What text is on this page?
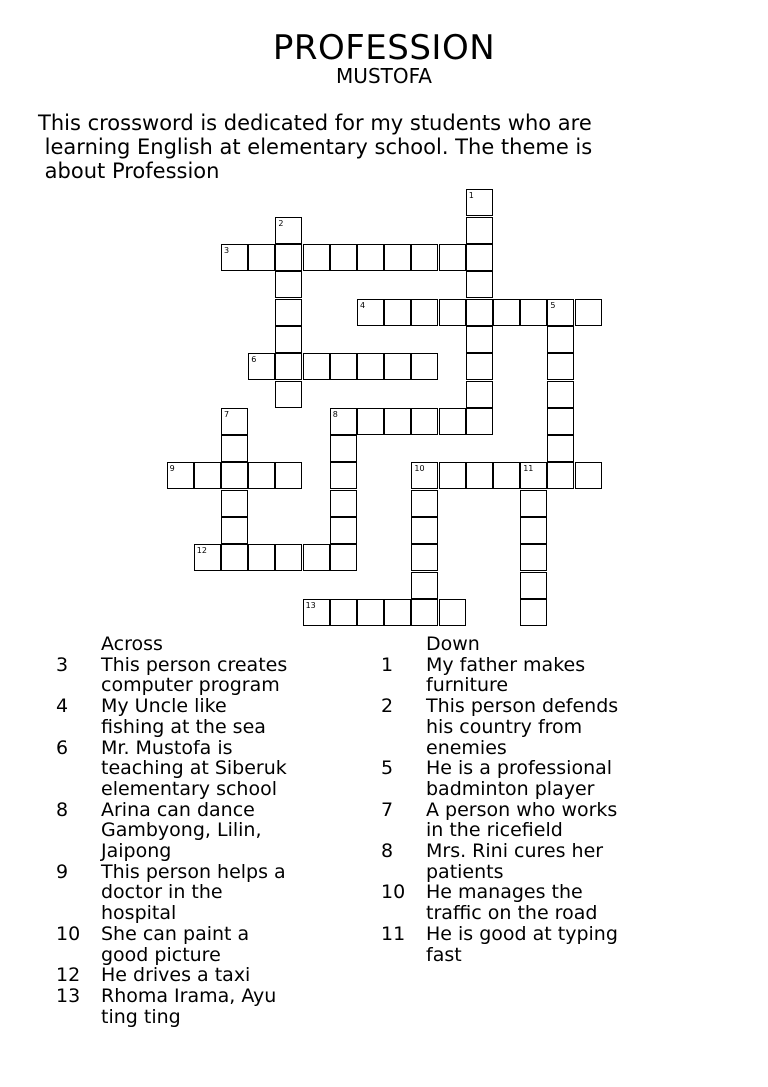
PROFESSION
MUSTOFA

This crossword is dedicated for my students who are
learning English at elementary school. The theme is
about Profession

1
2
3
4	5
6
7	8
9	10	11
12
13
Across
3	This person creates
computer program
4	My Uncle like
fishing at the sea
6	Mr. Mustofa is
teaching at Siberuk
elementary school
8	Arina can dance
Gambyong, Lilin,
Jaipong
9	This person helps a
doctor in the
hospital
10	She can paint a
good picture
12	He drives a taxi
13	Rhoma Irama, Ayu
ting ting
Down
1	My father makes
furniture
2	This person defends
his country from
enemies
5	He is a professional
badminton player
7	A person who works
in the ricefield
8	Mrs. Rini cures her
patients
10	He manages the
traffic on the road
11	He is good at typing
fast
